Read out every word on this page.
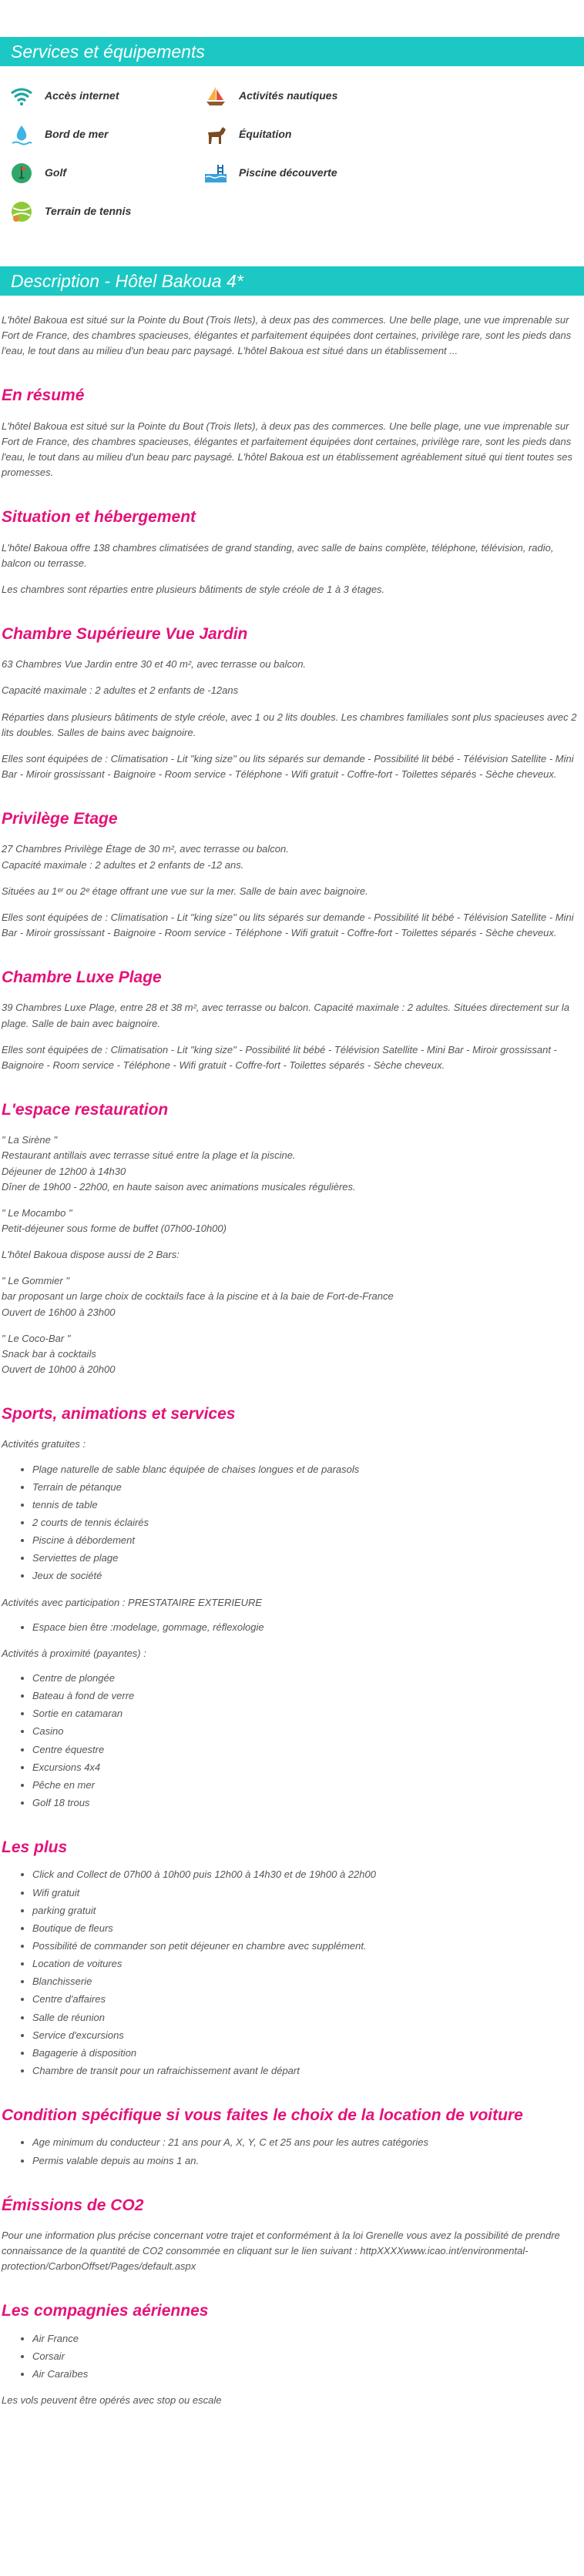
Services et équipements
Accès internet	Activités nautiques
Bord de mer	Équitation
Golf	Piscine découverte
Terrain de tennis
Description - Hôtel Bakoua 4*

L'hôtel Bakoua est situé sur la Pointe du Bout (Trois Ilets), à deux pas des commerces. Une belle plage, une vue imprenable sur Fort de France, des chambres spacieuses, élégantes et parfaitement équipées dont certaines, privilège rare, sont les pieds dans l'eau, le tout dans au milieu d'un beau parc paysagé. L'hôtel Bakoua est situé dans un établissement ...

En résumé

L'hôtel Bakoua est situé sur la Pointe du Bout (Trois Ilets), à deux pas des commerces. Une belle plage, une vue imprenable sur Fort de France, des chambres spacieuses, élégantes et parfaitement équipées dont certaines, privilège rare, sont les pieds dans l'eau, le tout dans au milieu d'un beau parc paysagé. L'hôtel Bakoua est un établissement agréablement situé qui tient toutes ses promesses.

Situation et hébergement

L'hôtel Bakoua offre 138 chambres climatisées de grand standing, avec salle de bains complète, téléphone, télévision, radio, balcon ou terrasse.

Les chambres sont réparties entre plusieurs bâtiments de style créole de 1 à 3 étages.

Chambre Supérieure Vue Jardin

63 Chambres Vue Jardin entre 30 et 40 m², avec terrasse ou balcon.

Capacité maximale : 2 adultes et 2 enfants de -12ans

Réparties dans plusieurs bâtiments de style créole, avec 1 ou 2 lits doubles. Les chambres familiales sont plus spacieuses avec 2 lits doubles. Salles de bains avec baignoire.

Elles sont équipées de : Climatisation - Lit "king size" ou lits séparés sur demande - Possibilité lit bébé - Télévision Satellite - Mini Bar - Miroir grossissant - Baignoire - Room service - Téléphone - Wifi gratuit - Coffre-fort - Toilettes séparés - Sèche cheveux.

Privilège Etage

27 Chambres Privilège Étage de 30 m², avec terrasse ou balcon.
Capacité maximale : 2 adultes et 2 enfants de -12 ans.

Situées au 1ᵉʳ ou 2ᵉ étage offrant une vue sur la mer. Salle de bain avec baignoire.

Elles sont équipées de : Climatisation - Lit "king size" ou lits séparés sur demande - Possibilité lit bébé - Télévision Satellite - Mini Bar - Miroir grossissant - Baignoire - Room service - Téléphone - Wifi gratuit - Coffre-fort - Toilettes séparés - Sèche cheveux.

Chambre Luxe Plage

39 Chambres Luxe Plage, entre 28 et 38 m², avec terrasse ou balcon. Capacité maximale : 2 adultes. Situées directement sur la plage. Salle de bain avec baignoire.

Elles sont équipées de : Climatisation - Lit "king size" - Possibilité lit bébé - Télévision Satellite - Mini Bar - Miroir grossissant - Baignoire - Room service - Téléphone - Wifi gratuit - Coffre-fort - Toilettes séparés - Sèche cheveux.

L'espace restauration

" La Sirène "
Restaurant antillais avec terrasse situé entre la plage et la piscine.
Déjeuner de 12h00 à 14h30
Dîner de 19h00 - 22h00, en haute saison avec animations musicales régulières.

" Le Mocambo "
Petit-déjeuner sous forme de buffet (07h00-10h00)

L'hôtel Bakoua dispose aussi de 2 Bars:

" Le Gommier "
bar proposant un large choix de cocktails face à la piscine et à la baie de Fort-de-France
Ouvert de 16h00 à 23h00

" Le Coco-Bar "
Snack bar à cocktails
Ouvert de 10h00 à 20h00

Sports, animations et services

Activités gratuites :

• Plage naturelle de sable blanc équipée de chaises longues et de parasols
• Terrain de pétanque
• tennis de table
• 2 courts de tennis éclairés
• Piscine à débordement
• Serviettes de plage
• Jeux de société

Activités avec participation : PRESTATAIRE EXTERIEURE

• Espace bien être :modelage, gommage, réflexologie

Activités à proximité (payantes) :

• Centre de plongée
• Bateau à fond de verre
• Sortie en catamaran
• Casino
• Centre équestre
• Excursions 4x4
• Pêche en mer
• Golf 18 trous
Les plus
• Click and Collect de 07h00 à 10h00 puis 12h00 à 14h30 et de 19h00 à 22h00
• Wifi gratuit
• parking gratuit
• Boutique de fleurs
• Possibilité de commander son petit déjeuner en chambre avec supplément.
• Location de voitures
• Blanchisserie
• Centre d'affaires
• Salle de réunion
• Service d'excursions
• Bagagerie à disposition
• Chambre de transit pour un rafraichissement avant le départ
Condition spécifique si vous faites le choix de la location de voiture
• Age minimum du conducteur : 21 ans pour A, X, Y, C et 25 ans pour les autres catégories
• Permis valable depuis au moins 1 an.
Émissions de CO2

Pour une information plus précise concernant votre trajet et conformément à la loi Grenelle vous avez la possibilité de prendre connaissance de la quantité de CO2 consommée en cliquant sur le lien suivant : httpXXXXwww.icao.int/environmental-protection/CarbonOffset/Pages/default.aspx

Les compagnies aériennes
• Air France
• Corsair
• Air Caraïbes

Les vols peuvent être opérés avec stop ou escale
